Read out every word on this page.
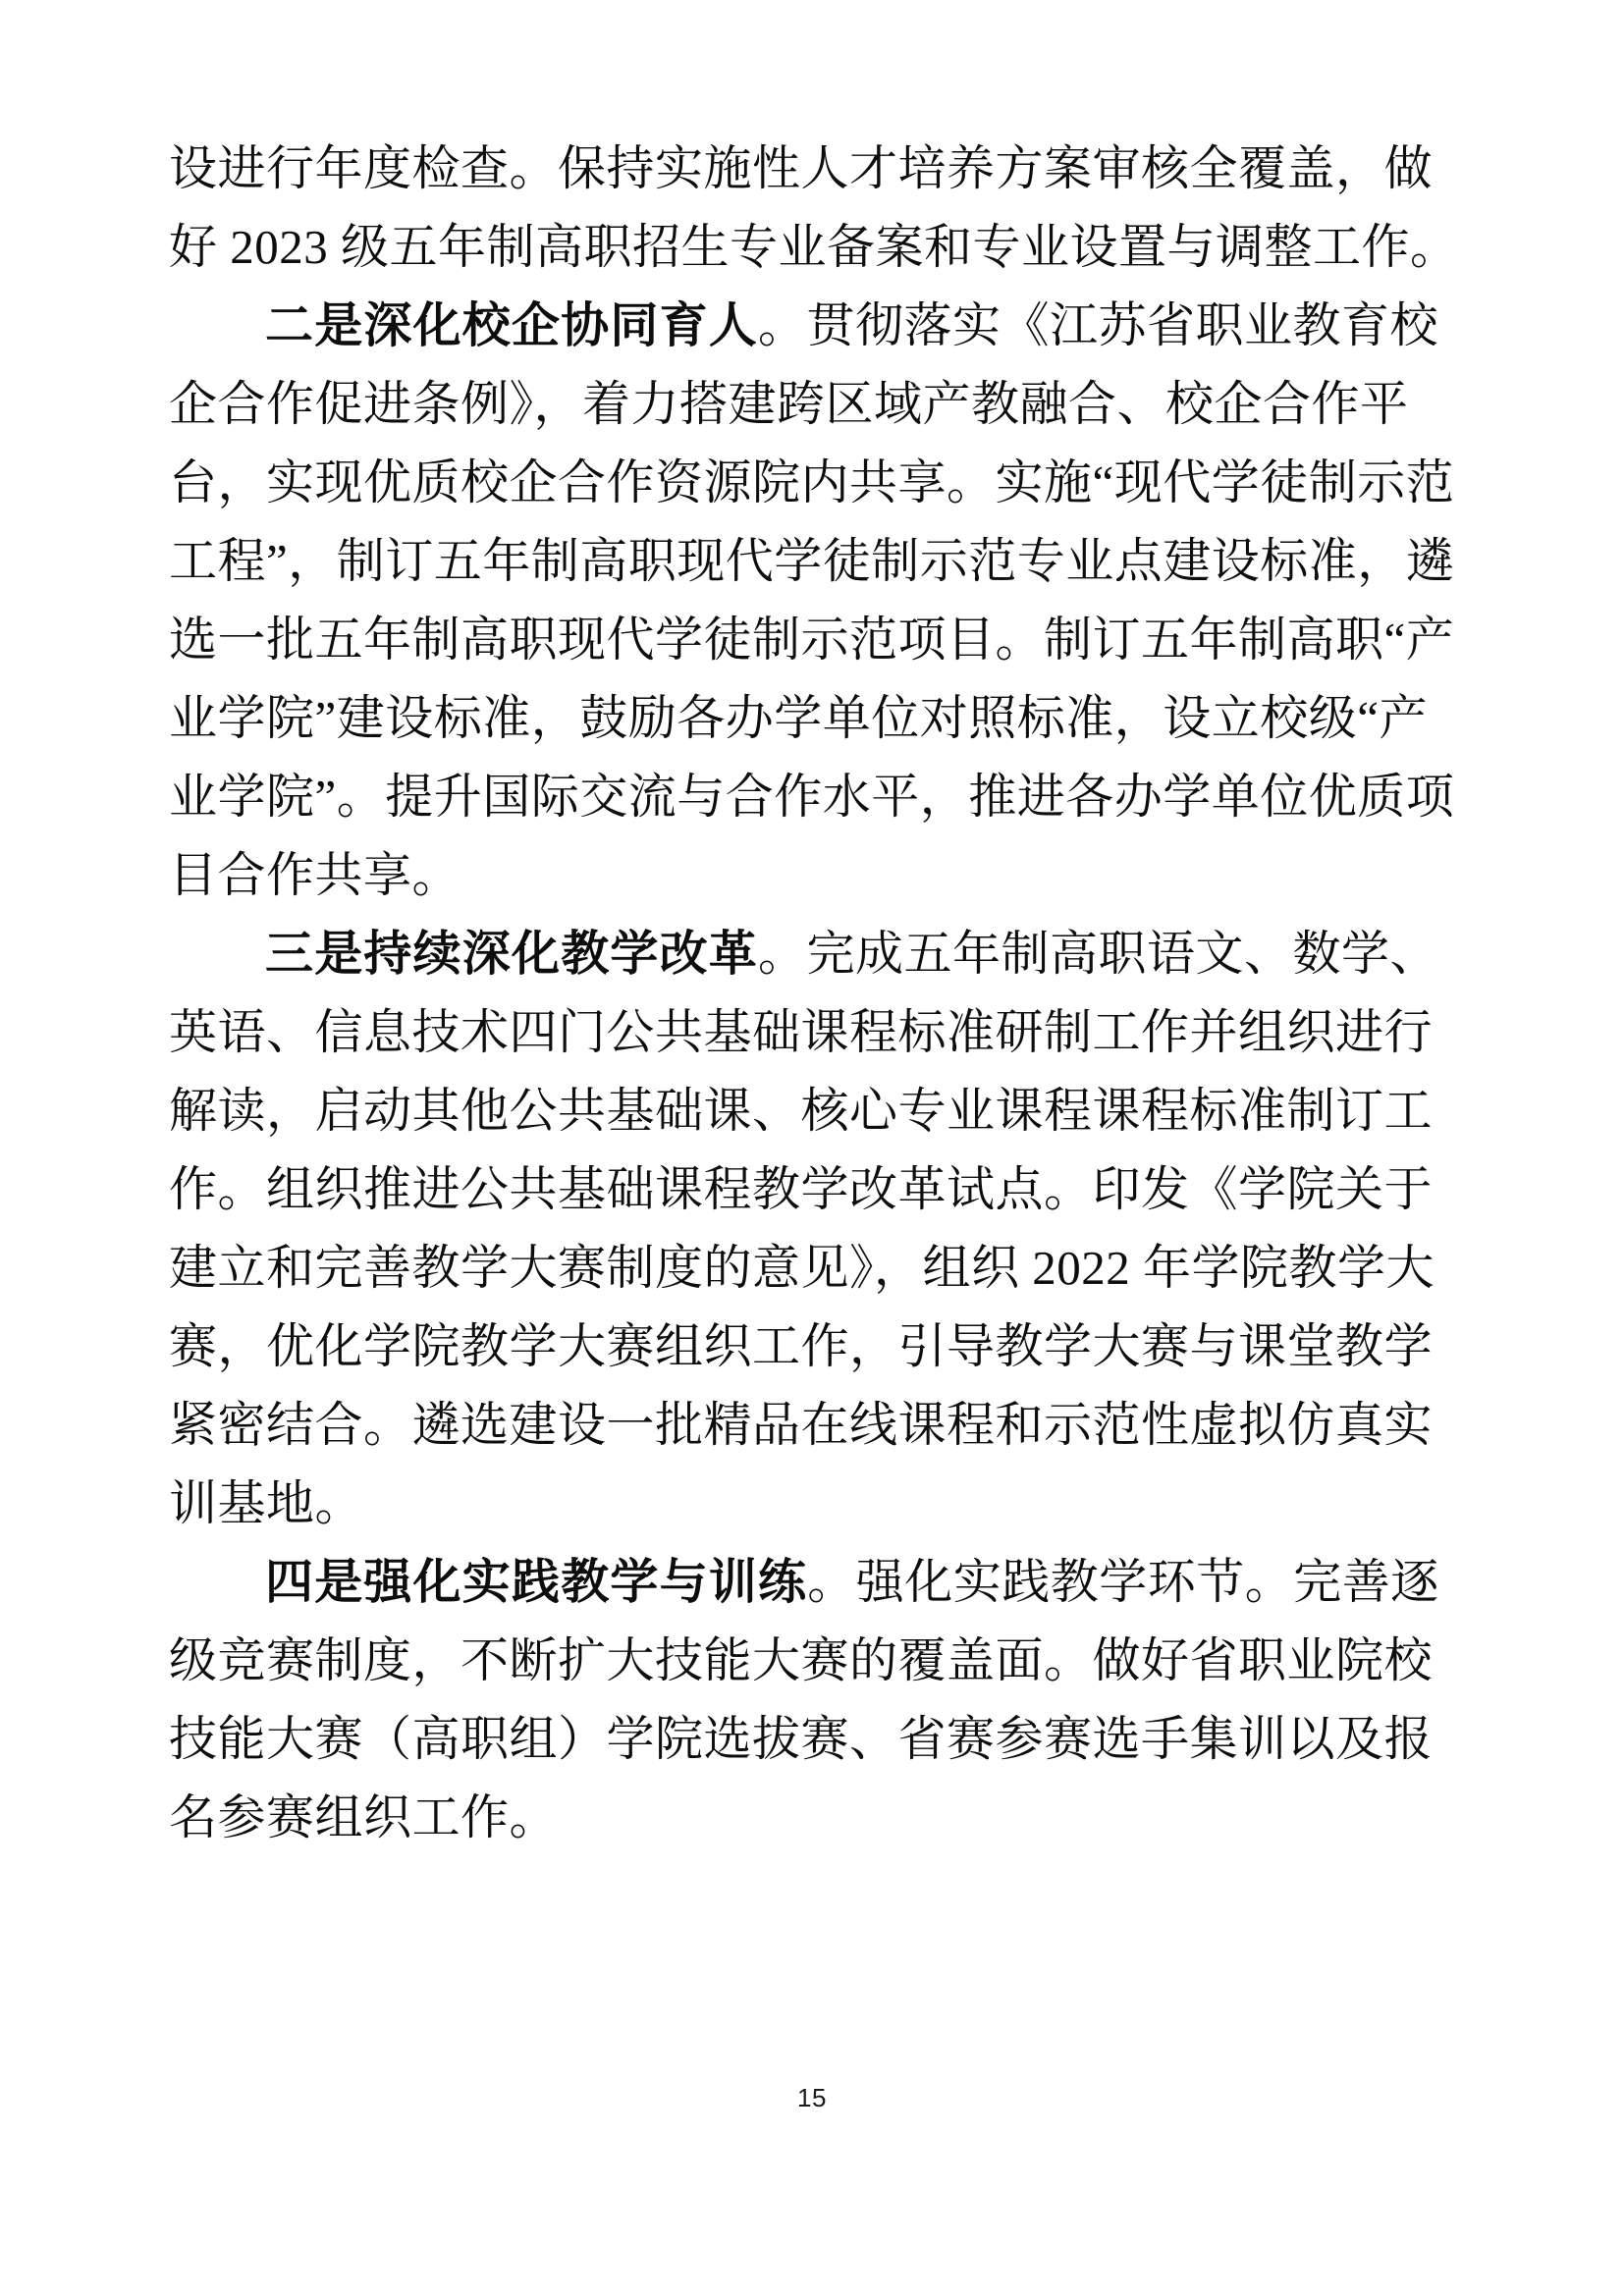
设进行年度检查。保持实施性人才培养方案审核全覆盖，做
好 2023 级五年制高职招生专业备案和专业设置与调整工作。
二是深化校企协同育人。贯彻落实《江苏省职业教育校
企合作促进条例》，着力搭建跨区域产教融合、校企合作平
台，实现优质校企合作资源院内共享。实施“现代学徒制示范
工程”，制订五年制高职现代学徒制示范专业点建设标准，遴
选一批五年制高职现代学徒制示范项目。制订五年制高职“产
业学院”建设标准，鼓励各办学单位对照标准，设立校级“产
业学院”。提升国际交流与合作水平，推进各办学单位优质项
目合作共享。
三是持续深化教学改革。完成五年制高职语文、数学、
英语、信息技术四门公共基础课程标准研制工作并组织进行
解读，启动其他公共基础课、核心专业课程课程标准制订工
作。组织推进公共基础课程教学改革试点。印发《学院关于
建立和完善教学大赛制度的意见》，组织 2022 年学院教学大
赛，优化学院教学大赛组织工作，引导教学大赛与课堂教学
紧密结合。遴选建设一批精品在线课程和示范性虚拟仿真实
训基地。
四是强化实践教学与训练。强化实践教学环节。完善逐
级竞赛制度，不断扩大技能大赛的覆盖面。做好省职业院校
技能大赛（高职组）学院选拔赛、省赛参赛选手集训以及报
名参赛组织工作。
15
